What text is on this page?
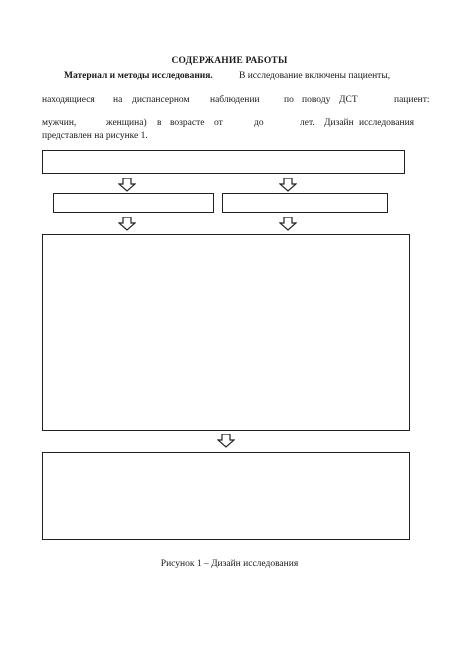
СОДЕРЖАНИЕ РАБОТЫ
Материал и методы исследования.	В исследование включены пациенты,
находящиеся на диспансерном наблюдении	по поводу ДСТ	пациент:
мужчин,	женщина) в возрасте от	до	лет. Дизайн исследования
представлен на рисунке 1.
Рисунок 1 – Дизайн исследования
